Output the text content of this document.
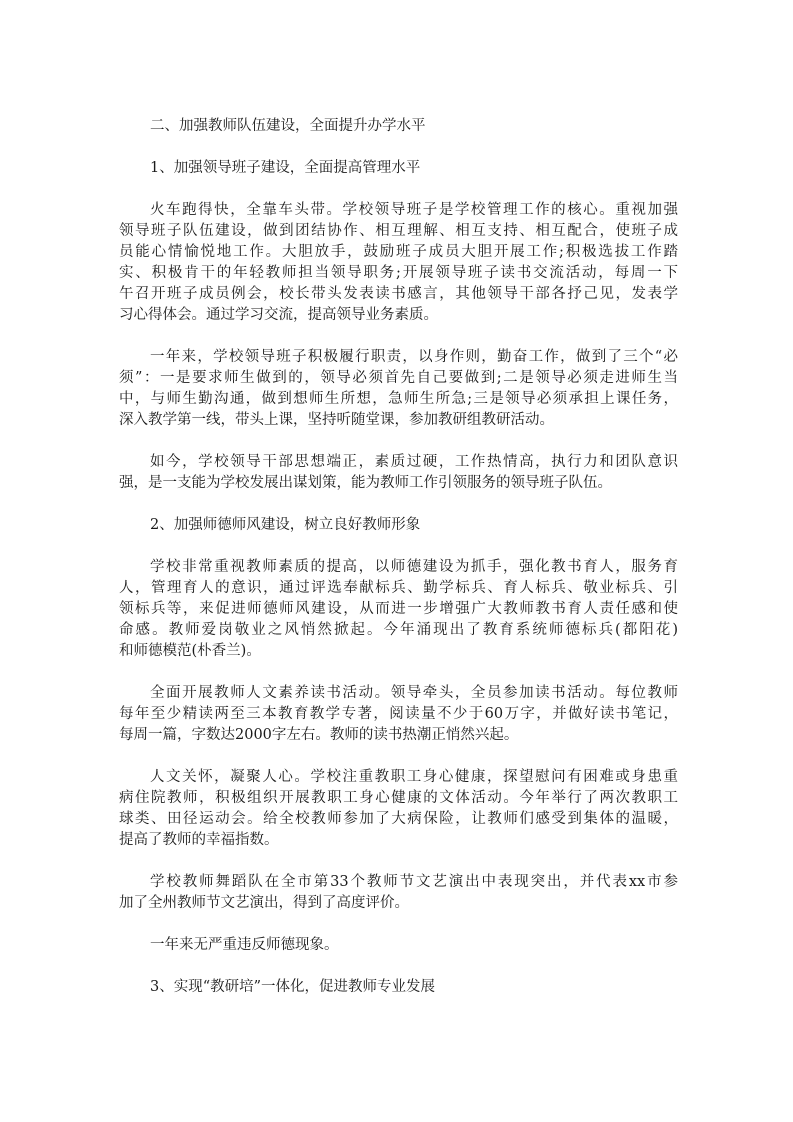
二、加强教师队伍建设，全面提升办学水平
1、加强领导班子建设，全面提高管理水平
火车跑得快，全靠车头带。学校领导班子是学校管理工作的核心。重视加强
领导班子队伍建设，做到团结协作、相互理解、相互支持、相互配合，使班子成
员能心情愉悦地工作。大胆放手，鼓励班子成员大胆开展工作;积极选拔工作踏
实、积极肯干的年轻教师担当领导职务;开展领导班子读书交流活动，每周一下
午召开班子成员例会，校长带头发表读书感言，其他领导干部各抒己见，发表学
习心得体会。通过学习交流，提高领导业务素质。
一年来，学校领导班子积极履行职责，以身作则，勤奋工作，做到了三个“必
须”：一是要求师生做到的，领导必须首先自己要做到;二是领导必须走进师生当
中，与师生勤沟通，做到想师生所想，急师生所急;三是领导必须承担上课任务，
深入教学第一线，带头上课，坚持听随堂课，参加教研组教研活动。
如今，学校领导干部思想端正，素质过硬，工作热情高，执行力和团队意识
强，是一支能为学校发展出谋划策，能为教师工作引领服务的领导班子队伍。
2、加强师德师风建设，树立良好教师形象
学校非常重视教师素质的提高，以师德建设为抓手，强化教书育人，服务育
人，管理育人的意识，通过评选奉献标兵、勤学标兵、育人标兵、敬业标兵、引
领标兵等，来促进师德师风建设，从而进一步增强广大教师教书育人责任感和使
命感。教师爱岗敬业之风悄然掀起。今年涌现出了教育系统师德标兵(都阳花)
和师德模范(朴香兰)。
全面开展教师人文素养读书活动。领导牵头，全员参加读书活动。每位教师
每年至少精读两至三本教育教学专著，阅读量不少于60万字，并做好读书笔记，
每周一篇，字数达2000字左右。教师的读书热潮正悄然兴起。
人文关怀，凝聚人心。学校注重教职工身心健康，探望慰问有困难或身患重
病住院教师，积极组织开展教职工身心健康的文体活动。今年举行了两次教职工
球类、田径运动会。给全校教师参加了大病保险，让教师们感受到集体的温暖，
提高了教师的幸福指数。
学校教师舞蹈队在全市第33个教师节文艺演出中表现突出，并代表xx市参
加了全州教师节文艺演出，得到了高度评价。
一年来无严重违反师德现象。
3、实现“教研培”一体化，促进教师专业发展
